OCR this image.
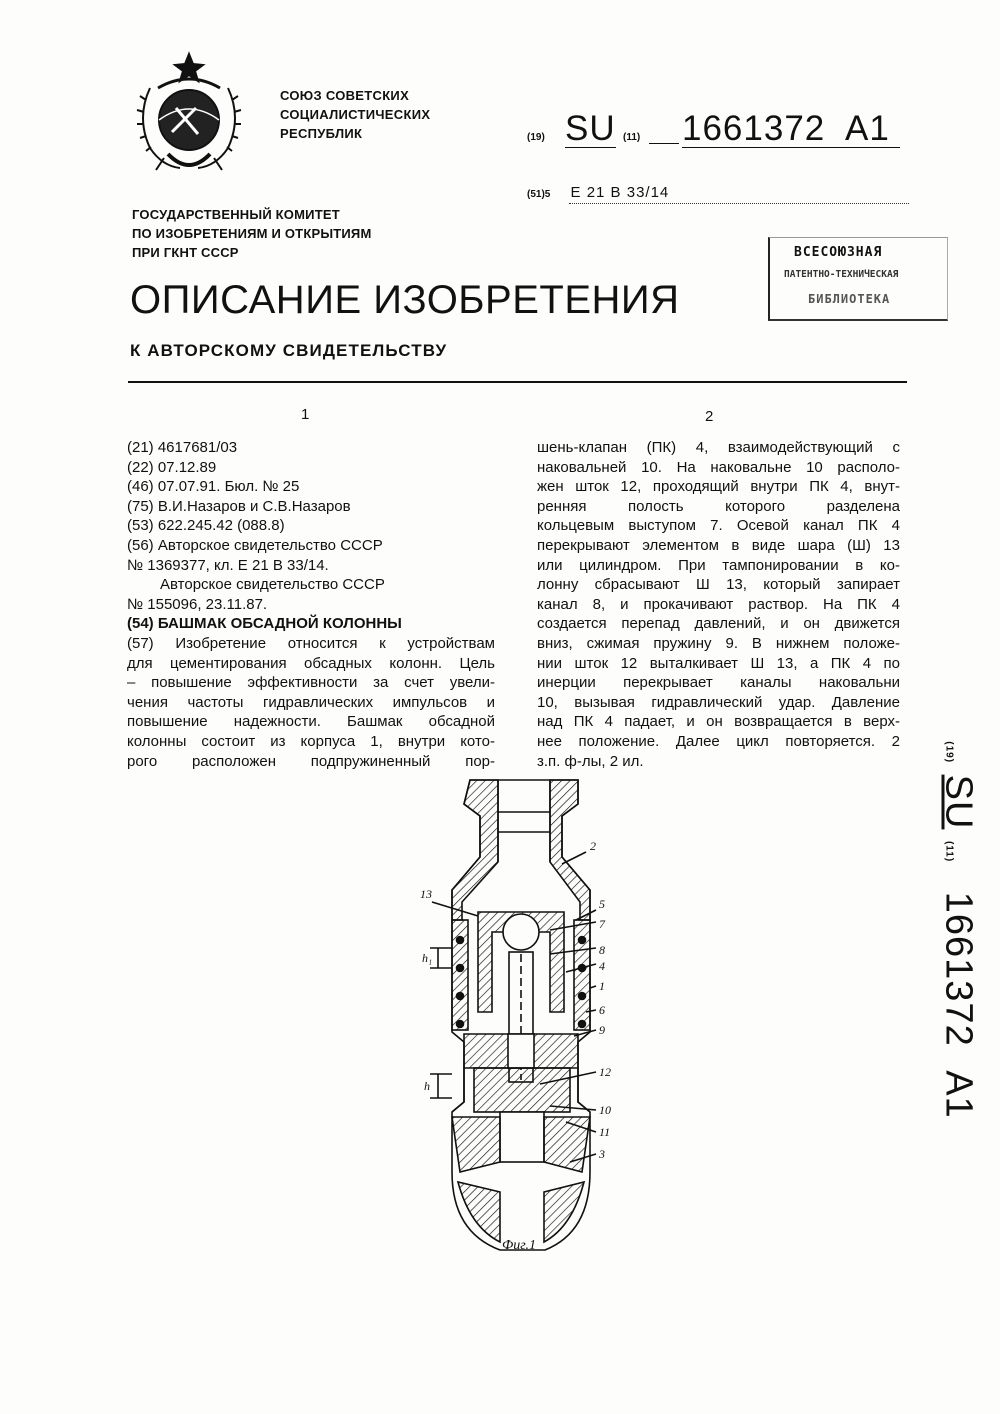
СОЮЗ СОВЕТСКИХ
СОЦИАЛИСТИЧЕСКИХ
РЕСПУБЛИК	(19) SU (11) 1661372 A1
(51)5 E 21 B 33/14
ГОСУДАРСТВЕННЫЙ КОМИТЕТ
ПО ИЗОБРЕТЕНИЯМ И ОТКРЫТИЯМ
ПРИ ГКНТ СССР	ВСЕСОЮЗНАЯ
ПАТЕНТНО-ТЕХНИЧЕСКАЯ
БИБЛИОТЕКА
ОПИСАНИЕ ИЗОБРЕТЕНИЯ
К АВТОРСКОМУ СВИДЕТЕЛЬСТВУ
1	2
(21) 4617681/03
(22) 07.12.89
(46) 07.07.91. Бюл. № 25
(75) В.И.Назаров и С.В.Назаров
(53) 622.245.42 (088.8)
(56) Авторское свидетельство СССР
№ 1369377, кл. E 21 B 33/14.
Авторское свидетельство СССР
№ 155096, 23.11.87.
(54) БАШМАК ОБСАДНОЙ КОЛОННЫ
(57) Изобретение относится к устройствам
для цементирования обсадных колонн. Цель
– повышение эффективности за счет увели-
чения частоты гидравлических импульсов и
повышение надежности. Башмак обсадной
колонны состоит из корпуса 1, внутри кото-
рого расположен подпружиненный пор-
шень-клапан (ПК) 4, взаимодействующий с
наковальней 10. На наковальне 10 располо-
жен шток 12, проходящий внутри ПК 4, внут-
ренняя полость которого разделена
кольцевым выступом 7. Осевой канал ПК 4
перекрывают элементом в виде шара (Ш) 13
или цилиндром. При тампонировании в ко-
лонну сбрасывают Ш 13, который запирает
канал 8, и прокачивают раствор. На ПК 4
создается перепад давлений, и он движется
вниз, сжимая пружину 9. В нижнем положе-
нии шток 12 выталкивает Ш 13, а ПК 4 по
инерции перекрывает каналы наковальни
10, вызывая гидравлический удар. Давление
над ПК 4 падает, и он возвращается в верх-
нее положение. Далее цикл повторяется. 2
з.п. ф-лы, 2 ил.	(19) SU (11) 1661372 A1
13
2
5
7
8
4
1
6
9
12
10
11
3
h₁
h
Фиг.1
